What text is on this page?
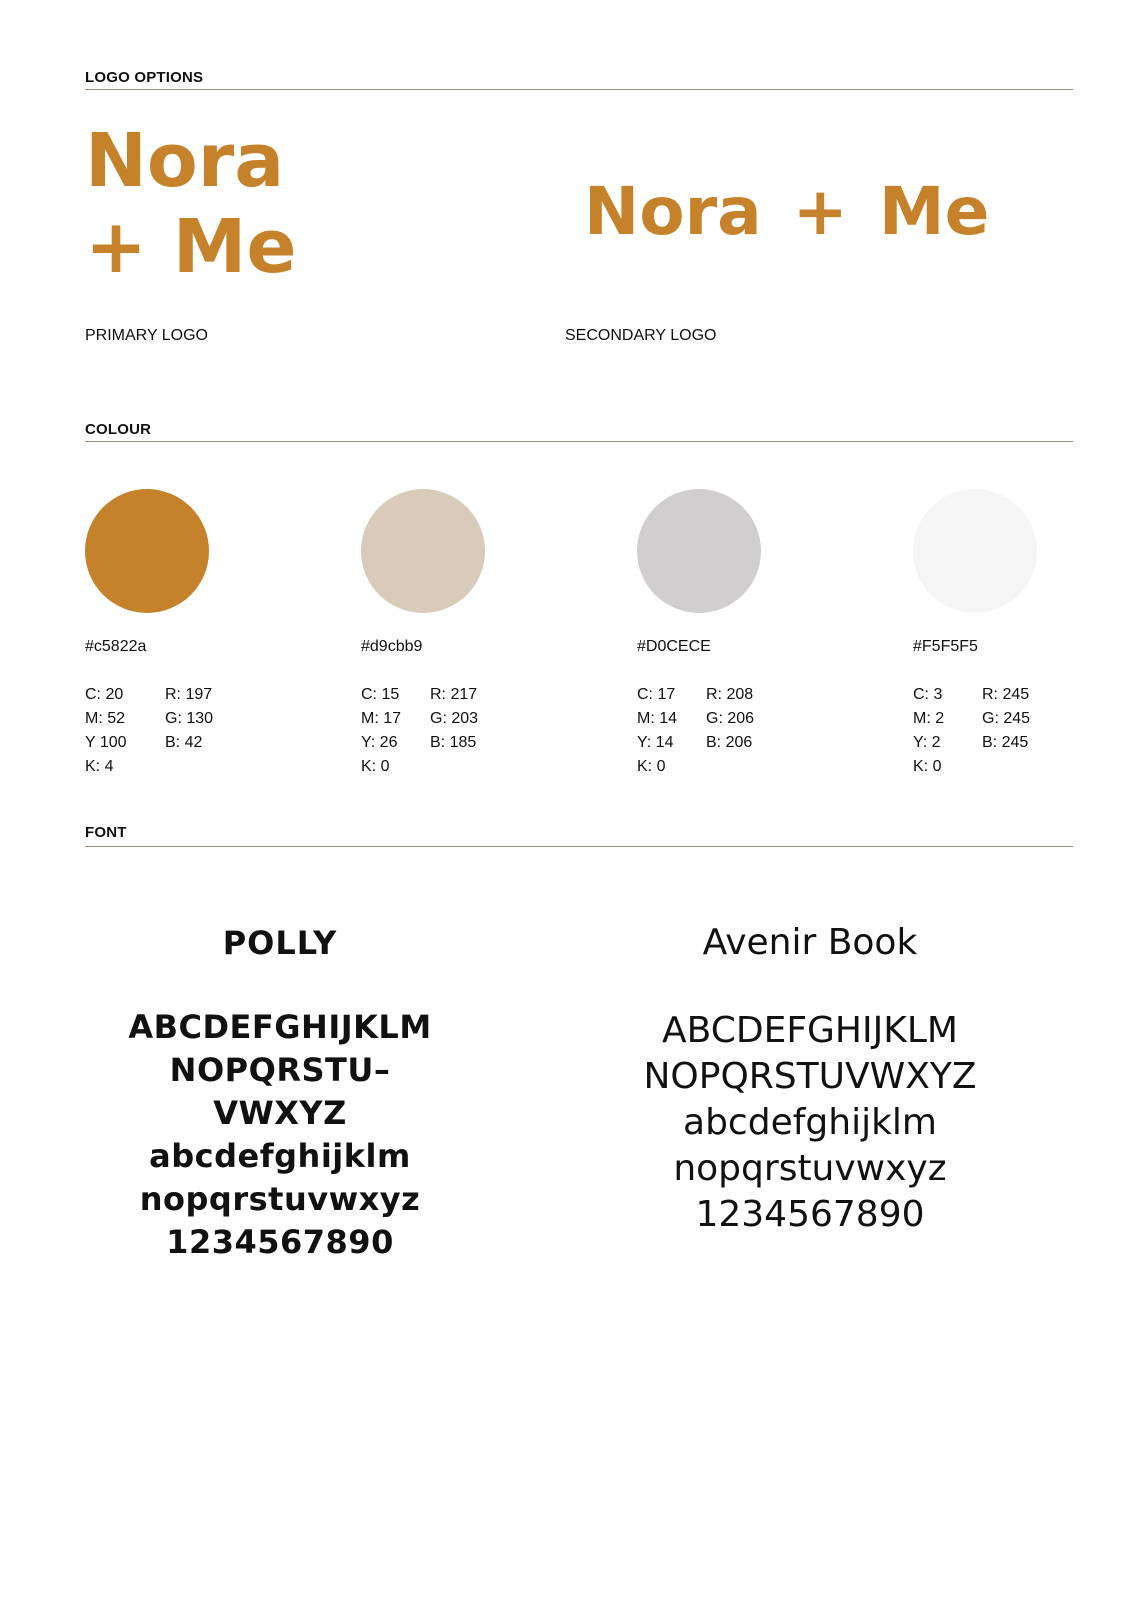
LOGO OPTIONS
Nora
+ Me	Nora + Me
PRIMARY LOGO	SECONDARY LOGO
COLOUR
#c5822a
C: 20
M: 52
Y 100
K: 4
R: 197
G: 130
B: 42
#d9cbb9
C: 15
M: 17
Y: 26
K: 0
R: 217
G: 203
B: 185
#D0CECE
C: 17
M: 14
Y: 14
K: 0
R: 208
G: 206
B: 206
#F5F5F5
C: 3
M: 2
Y: 2
K: 0
R: 245
G: 245
B: 245
FONT
POLLY
ABCDEFGHIJKLM
NOPQRSTU–
VWXYZ
abcdefghijklm
nopqrstuvwxyz
1234567890
Avenir Book
ABCDEFGHIJKLM
NOPQRSTUVWXYZ
abcdefghijklm
nopqrstuvwxyz
1234567890
